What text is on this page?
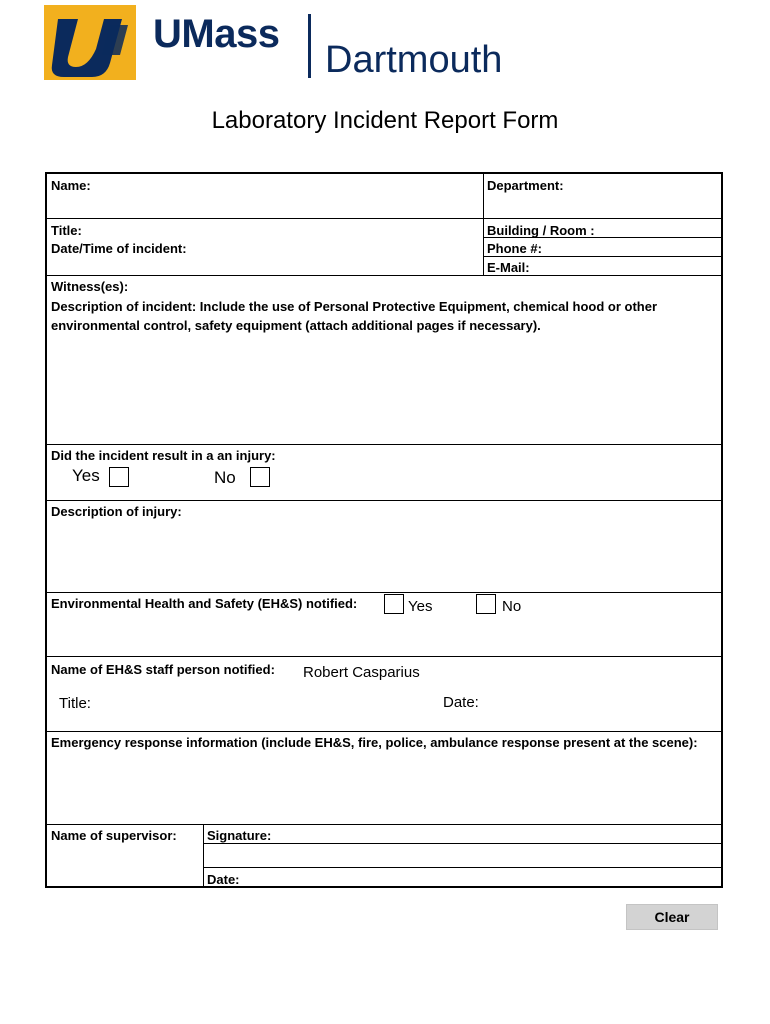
UMass
Dartmouth
Laboratory Incident Report Form
Name:	Department:
Title:	Building / Room :
Date/Time of incident:	Phone #:
E-Mail:
Witness(es):
Description of incident: Include the use of Personal Protective Equipment, chemical hood or other environmental control, safety equipment (attach additional pages if necessary).
Did the incident result in a an injury:
Yes	No
Description of injury:
Environmental Health and Safety (EH&S) notified:	Yes	No
Name of EH&S staff person notified: Robert Casparius
Title:	Date:
Emergency response information (include EH&S, fire, police, ambulance response present at the scene):
Name of supervisor: Signature:
Date:
Clear
